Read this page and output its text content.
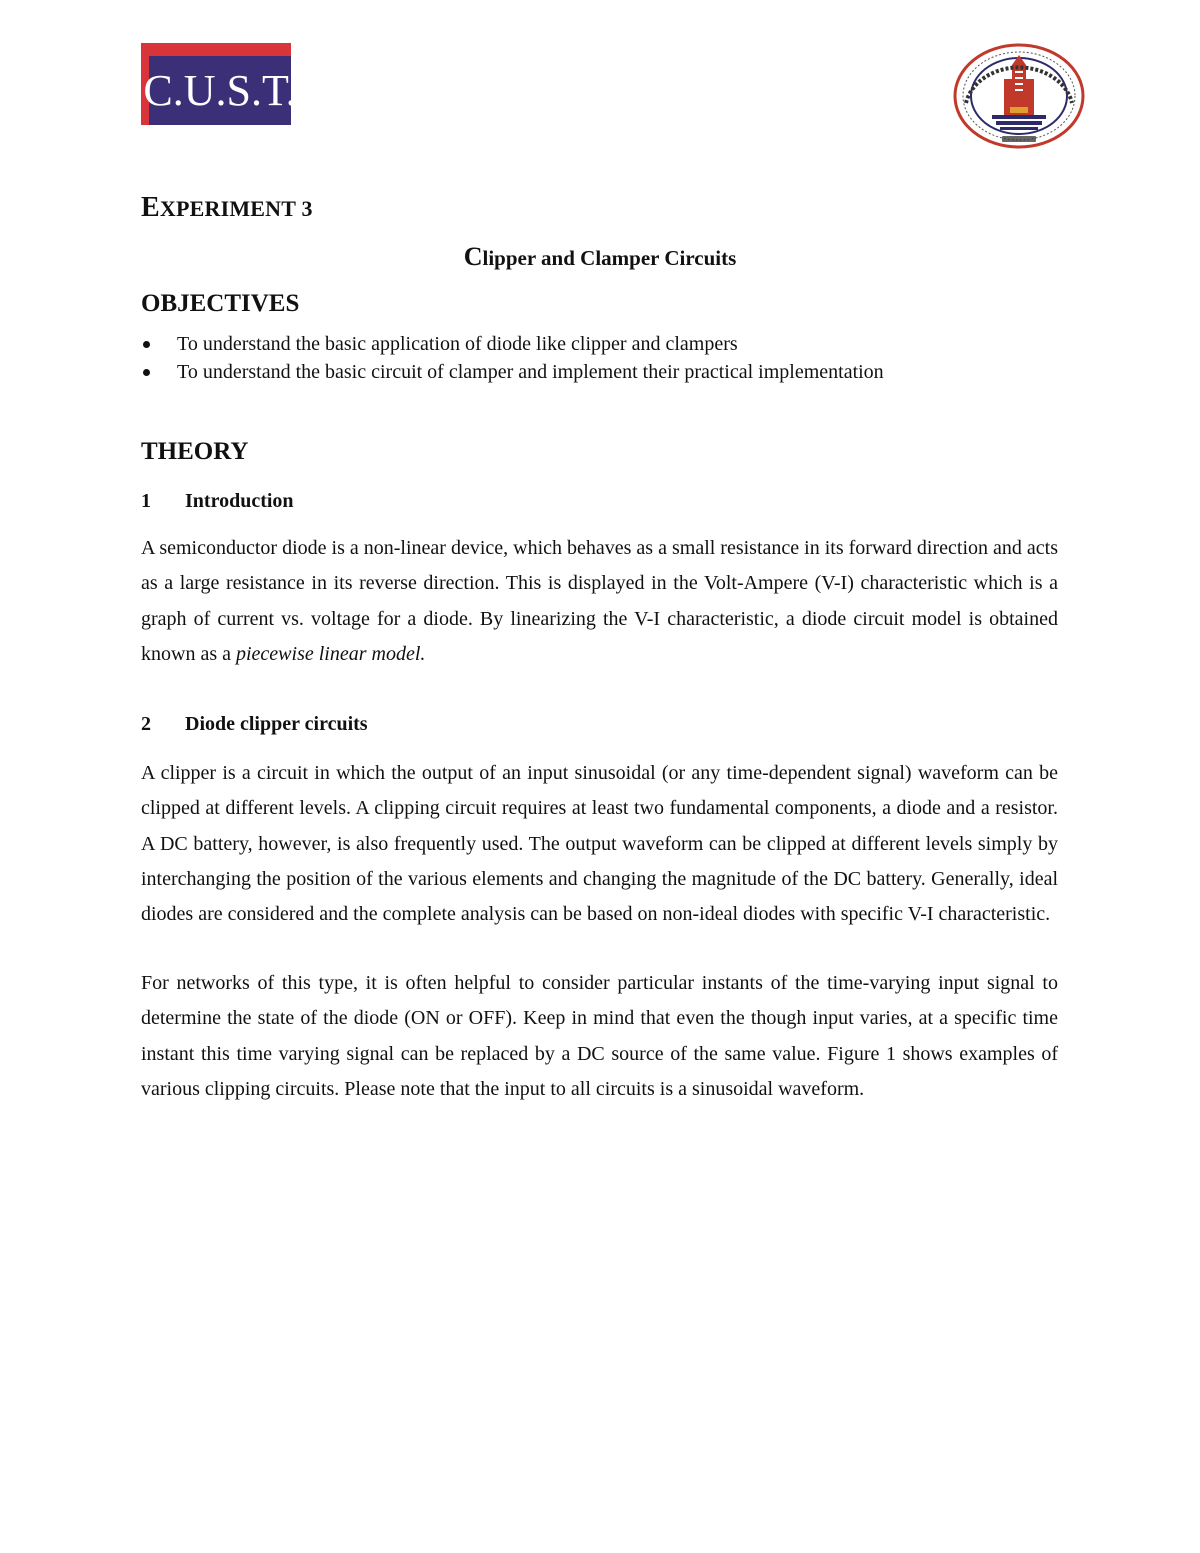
C.U.S.T.
EXPERIMENT 3
Clipper and Clamper Circuits
OBJECTIVES
To understand the basic application of diode like clipper and clampers
To understand the basic circuit of clamper and implement their practical implementation
THEORY
1 Introduction

A semiconductor diode is a non-linear device, which behaves as a small resistance in its forward direction and acts as a large resistance in its reverse direction. This is displayed in the Volt-Ampere (V-I) characteristic which is a graph of current vs. voltage for a diode. By linearizing the V-I characteristic, a diode circuit model is obtained known as a piecewise linear model.

2 Diode clipper circuits

A clipper is a circuit in which the output of an input sinusoidal (or any time-dependent signal) waveform can be clipped at different levels. A clipping circuit requires at least two fundamental components, a diode and a resistor. A DC battery, however, is also frequently used. The output waveform can be clipped at different levels simply by interchanging the position of the various elements and changing the magnitude of the DC battery. Generally, ideal diodes are considered and the complete analysis can be based on non-ideal diodes with specific V-I characteristic.

For networks of this type, it is often helpful to consider particular instants of the time-varying input signal to determine the state of the diode (ON or OFF). Keep in mind that even the though input varies, at a specific time instant this time varying signal can be replaced by a DC source of the same value. Figure 1 shows examples of various clipping circuits. Please note that the input to all circuits is a sinusoidal waveform.
